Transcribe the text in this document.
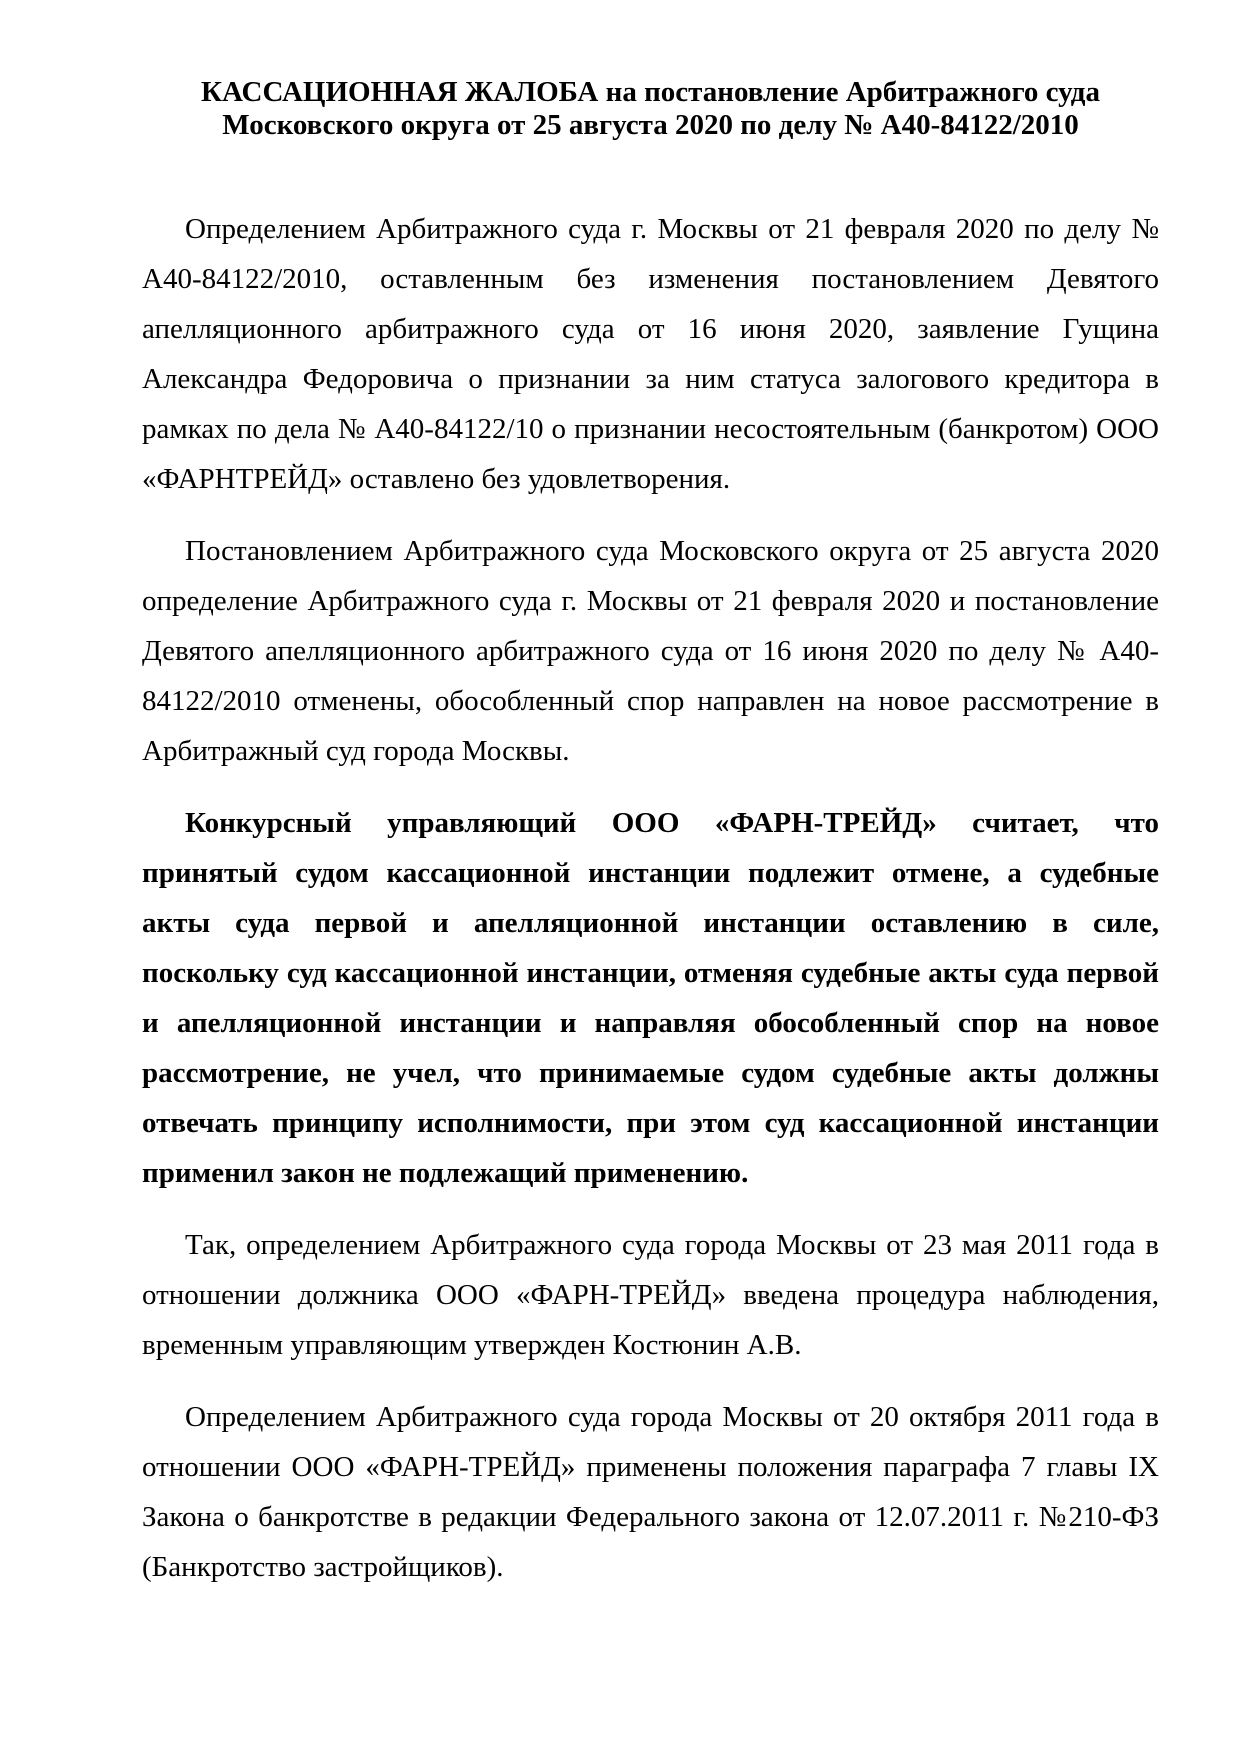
КАССАЦИОННАЯ ЖАЛОБА на постановление Арбитражного суда Московского округа от 25 августа 2020 по делу № А40-84122/2010

Определением Арбитражного суда г. Москвы от 21 февраля 2020 по делу № А40-84122/2010, оставленным без изменения постановлением Девятого апелляционного арбитражного суда от 16 июня 2020, заявление Гущина Александра Федоровича о признании за ним статуса залогового кредитора в рамках по дела № А40-84122/10 о признании несостоятельным (банкротом) ООО «ФАРНТРЕЙД» оставлено без удовлетворения.

Постановлением Арбитражного суда Московского округа от 25 августа 2020 определение Арбитражного суда г. Москвы от 21 февраля 2020 и постановление Девятого апелляционного арбитражного суда от 16 июня 2020 по делу № А40-84122/2010 отменены, обособленный спор направлен на новое рассмотрение в Арбитражный суд города Москвы.

Конкурсный управляющий ООО «ФАРН-ТРЕЙД» считает, что принятый судом кассационной инстанции подлежит отмене, а судебные акты суда первой и апелляционной инстанции оставлению в силе, поскольку суд кассационной инстанции, отменяя судебные акты суда первой и апелляционной инстанции и направляя обособленный спор на новое рассмотрение, не учел, что принимаемые судом судебные акты должны отвечать принципу исполнимости, при этом суд кассационной инстанции применил закон не подлежащий применению.

Так, определением Арбитражного суда города Москвы от 23 мая 2011 года в отношении должника ООО «ФАРН-ТРЕЙД» введена процедура наблюдения, временным управляющим утвержден Костюнин А.В.

Определением Арбитражного суда города Москвы от 20 октября 2011 года в отношении ООО «ФАРН-ТРЕЙД» применены положения параграфа 7 главы IX Закона о банкротстве в редакции Федерального закона от 12.07.2011 г. №210-ФЗ (Банкротство застройщиков).
